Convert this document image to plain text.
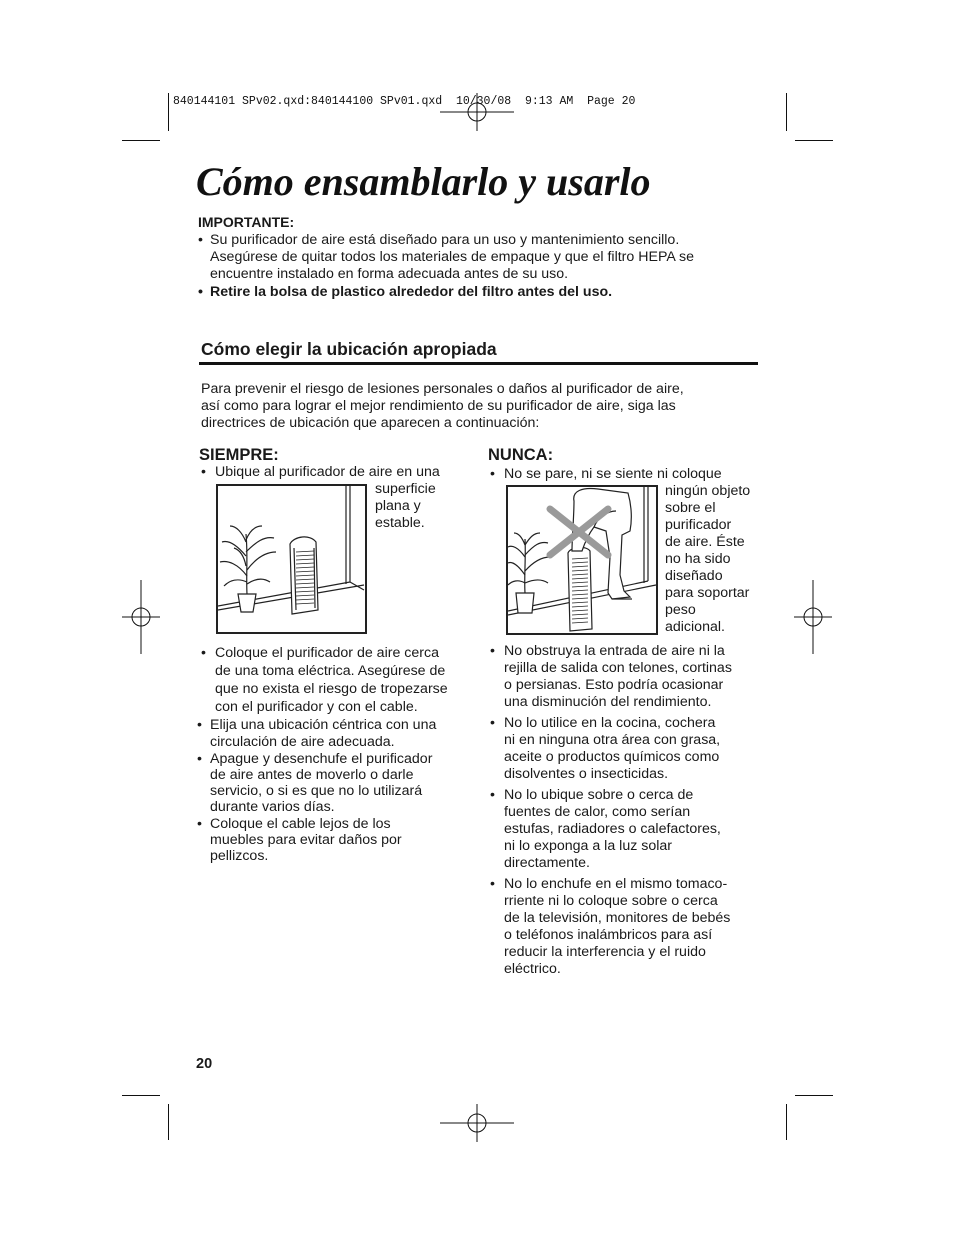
840144101 SPv02.qxd:840144100 SPv01.qxd  10/30/08  9:13 AM  Page 20
Cómo ensamblarlo y usarlo
IMPORTANTE:
• Su purificador de aire está diseñado para un uso y mantenimiento sencillo.
Asegúrese de quitar todos los materiales de empaque y que el filtro HEPA se
encuentre instalado en forma adecuada antes de su uso.
• Retire la bolsa de plastico alrededor del filtro antes del uso.
Cómo elegir la ubicación apropiada
Para prevenir el riesgo de lesiones personales o daños al purificador de aire,
así como para lograr el mejor rendimiento de su purificador de aire, siga las
directrices de ubicación que aparecen a continuación:
SIEMPRE:
• Ubique al purificador de aire en una
superficie
plana y
estable.
• Coloque el purificador de aire cerca
de una toma eléctrica. Asegúrese de
que no exista el riesgo de tropezarse
con el purificador y con el cable.
• Elija una ubicación céntrica con una
circulación de aire adecuada.
• Apague y desenchufe el purificador
de aire antes de moverlo o darle
servicio, o si es que no lo utilizará
durante varios días.
• Coloque el cable lejos de los
muebles para evitar daños por
pellizcos.
NUNCA:
• No se pare, ni se siente ni coloque
ningún objeto
sobre el
purificador
de aire. Éste
no ha sido
diseñado
para soportar
peso
adicional.
• No obstruya la entrada de aire ni la
rejilla de salida con telones, cortinas
o persianas. Esto podría ocasionar
una disminución del rendimiento.
• No lo utilice en la cocina, cochera
ni en ninguna otra área con grasa,
aceite o productos químicos como
disolventes o insecticidas.
• No lo ubique sobre o cerca de
fuentes de calor, como serían
estufas, radiadores o calefactores,
ni lo exponga a la luz solar
directamente.
• No lo enchufe en el mismo tomaco-
rriente ni lo coloque sobre o cerca
de la televisión, monitores de bebés
o teléfonos inalámbricos para así
reducir la interferencia y el ruido
eléctrico.
20
